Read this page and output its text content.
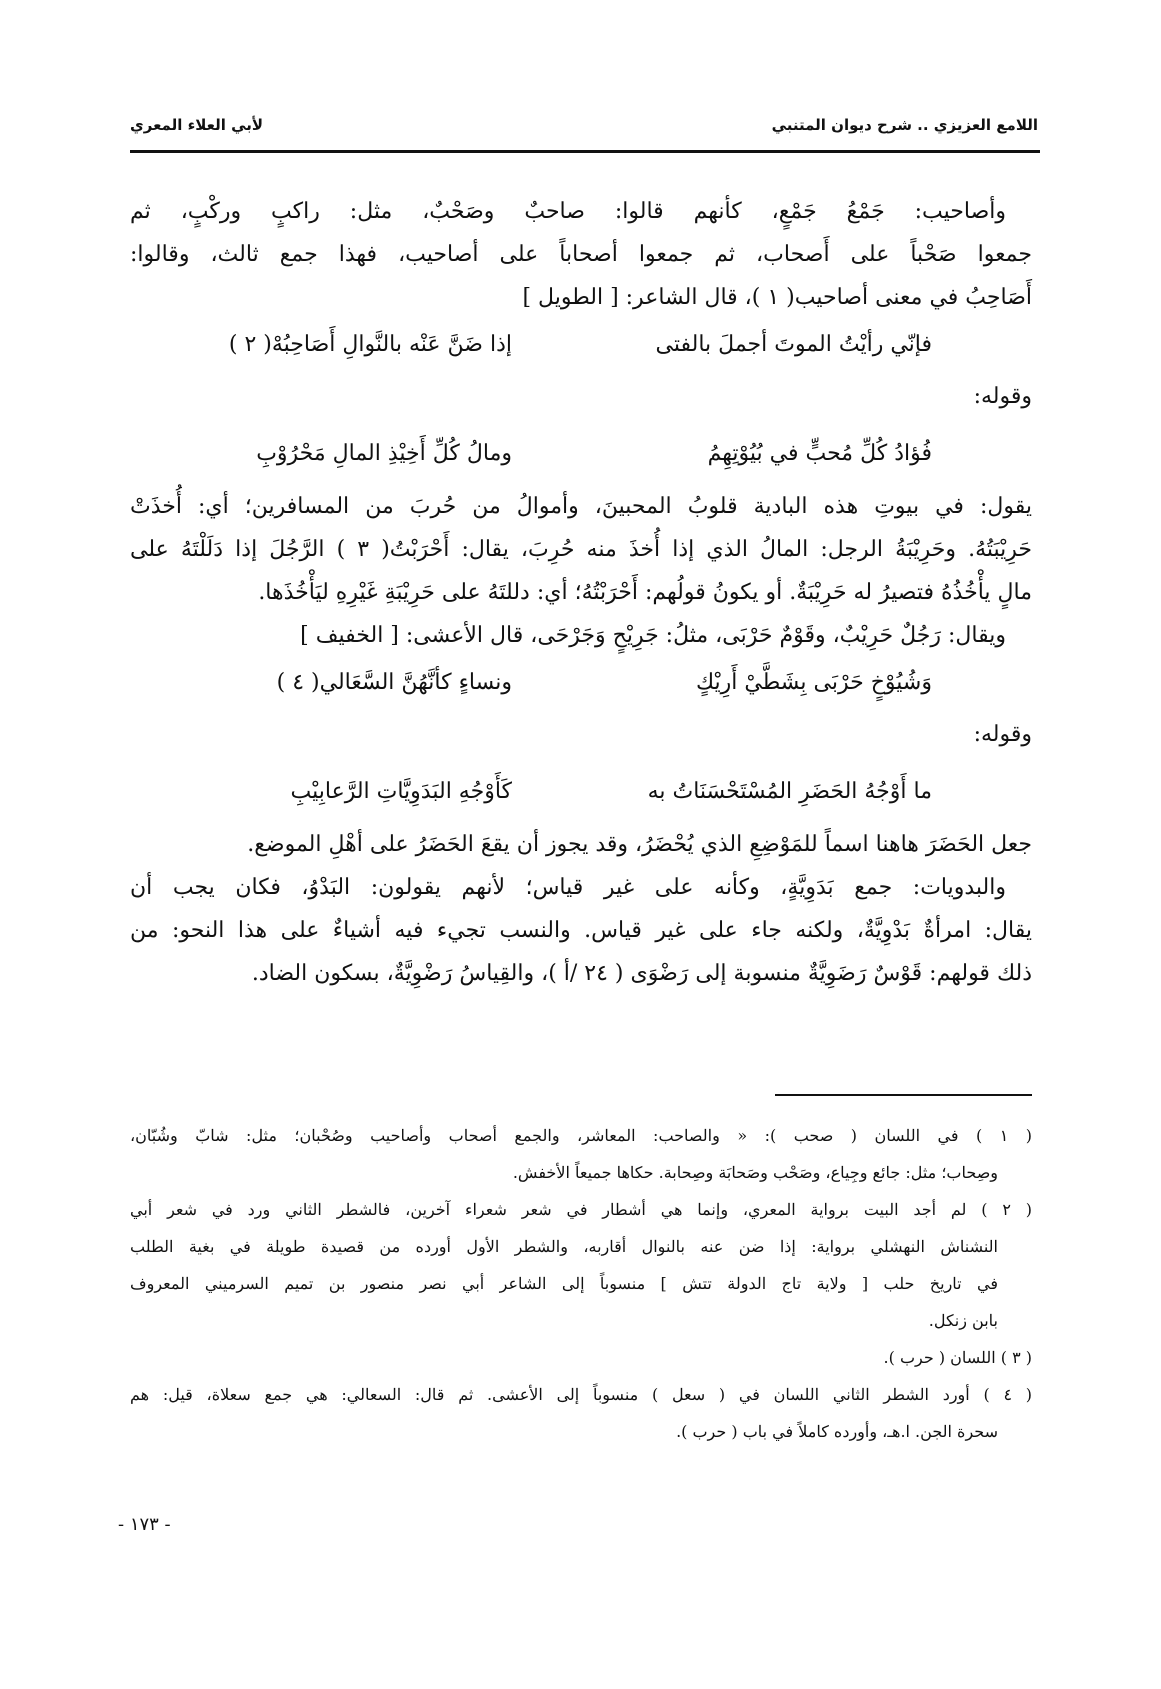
اللامع العزيزي .. شرح ديوان المتنبي
لأبي العلاء المعري
وأصاحيب: جَمْعُ جَمْعٍ، كأنهم قالوا: صاحبٌ وصَحْبٌ، مثل: راكبٍ وركْبٍ، ثم
جمعوا صَحْباً على أَصحاب، ثم جمعوا أصحاباً على أصاحيب، فهذا جمع ثالث، وقالوا:
أَصَاحِبُ في معنى أصاحيب( ١ )، قال الشاعر: [ الطويل ]
فإنّي رأيْتُ الموتَ أجملَ بالفتى
إذا ضَنَّ عَنْه بالنَّوالِ أَصَاحِبُهْ( ٢ )
وقوله:
فُؤادُ كُلِّ مُحبٍّ في بُيُوْتِهِمُ
ومالُ كُلِّ أَخِيْذِ المالِ مَحْرُوْبِ
يقول: في بيوتِ هذه البادية قلوبُ المحبينَ، وأموالُ من حُربَ من المسافرين؛ أي: أُخذَتْ
حَرِيْبَتُهُ. وحَرِيْبَةُ الرجل: المالُ الذي إذا أُخذَ منه حُرِبَ، يقال: أَحْرَبْتُ( ٣ ) الرَّجُلَ إذا دَلَلْتَهُ على
مالٍ يأْخُذُهُ فتصيرُ له حَرِيْبَةٌ. أو يكونُ قولُهم: أَحْرَبْتُهُ؛ أي: دللتَهُ على حَرِيْبَةِ غَيْرِهِ ليَأْخُذَها.
ويقال: رَجُلٌ حَرِيْبٌ، وقَوْمٌ حَرْبَى، مثلُ: جَرِيْحٍ وَجَرْحَى، قال الأعشى: [ الخفيف ]
وَشُيُوْخٍ حَرْبَى بِشَطَّيْ أَرِيْكٍ
ونساءٍ كأنَّهُنَّ السَّعَالي( ٤ )
وقوله:
ما أَوْجُهُ الحَضَرِ المُسْتَحْسَنَاتُ به
كَأَوْجُهِ البَدَوِيَّاتِ الرَّعابِيْبِ
جعل الحَضَرَ هاهنا اسماً للمَوْضِعِ الذي يُحْضَرُ، وقد يجوز أن يقعَ الحَضَرُ على أهْلِ الموضع.
والبدويات: جمع بَدَوِيَّةٍ، وكأنه على غير قياس؛ لأنهم يقولون: البَدْوُ، فكان يجب أن
يقال: امرأةٌ بَدْوِيَّةٌ، ولكنه جاء على غير قياس. والنسب تجيء فيه أشياءٌ على هذا النحو: من
ذلك قولهم: قَوْسٌ رَضَوِيَّةٌ منسوبة إلى رَضْوَى ( ٢٤ /أ )، والقِياسُ رَضْوِيَّةٌ، بسكون الضاد.
( ١ ) في اللسان ( صحب ): « والصاحب: المعاشر، والجمع أصحاب وأصاحيب وصُحْبان؛ مثل: شابّ وشُبّان،
وصِحاب؛ مثل: جائع وجِياع، وصَحْب وصَحابَة وصِحابة. حكاها جميعاً الأخفش.
( ٢ ) لم أجد البيت برواية المعري، وإنما هي أشطار في شعر شعراء آخرين، فالشطر الثاني ورد في شعر أبي
النشناش النهشلي برواية: إذا ضن عنه بالنوال أقاربه، والشطر الأول أورده من قصيدة طويلة في بغية الطلب
في تاريخ حلب [ ولاية تاج الدولة تتش ] منسوباً إلى الشاعر أبي نصر منصور بن تميم السرميني المعروف
بابن زنكل.
( ٣ ) اللسان ( حرب ).
( ٤ ) أورد الشطر الثاني اللسان في ( سعل ) منسوباً إلى الأعشى. ثم قال: السعالي: هي جمع سعلاة، قيل: هم
سحرة الجن. ا.هـ، وأورده كاملاً في باب ( حرب ).
- ١٧٣ -
